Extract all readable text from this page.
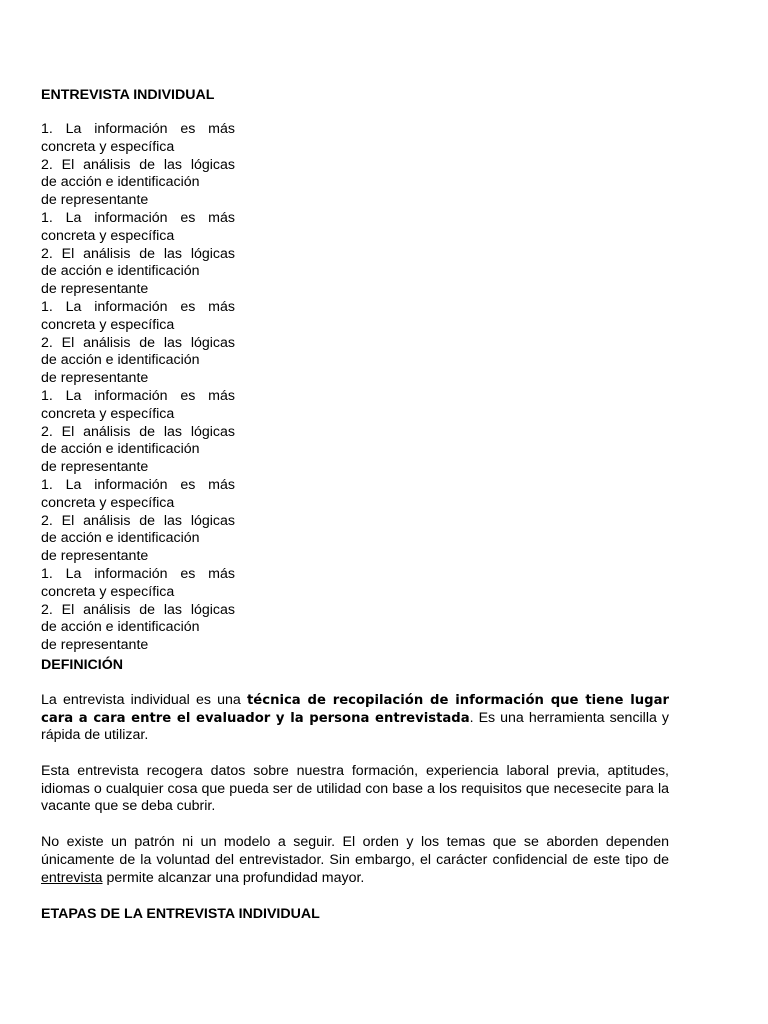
ENTREVISTA INDIVIDUAL

1. La información es más
concreta y específica

2. El análisis de las lógicas
de acción e identificación
de representante

1. La información es más
concreta y específica

2. El análisis de las lógicas
de acción e identificación
de representante

1. La información es más
concreta y específica

2. El análisis de las lógicas
de acción e identificación
de representante

1. La información es más
concreta y específica

2. El análisis de las lógicas
de acción e identificación
de representante

1. La información es más
concreta y específica

2. El análisis de las lógicas
de acción e identificación
de representante

1. La información es más
concreta y específica

2. El análisis de las lógicas
de acción e identificación
de representante

DEFINICIÓN

La entrevista individual es una técnica de recopilación de información que tiene lugar cara a cara entre el evaluador y la persona entrevistada. Es una herramienta sencilla y rápida de utilizar.

Esta entrevista recogera datos sobre nuestra formación, experiencia laboral previa, aptitudes, idiomas o cualquier cosa que pueda ser de utilidad con base a los requisitos que necesecite para la vacante que se deba cubrir.

No existe un patrón ni un modelo a seguir. El orden y los temas que se aborden dependen únicamente de la voluntad del entrevistador. Sin embargo, el carácter confidencial de este tipo de entrevista permite alcanzar una profundidad mayor.

ETAPAS DE LA ENTREVISTA INDIVIDUAL
